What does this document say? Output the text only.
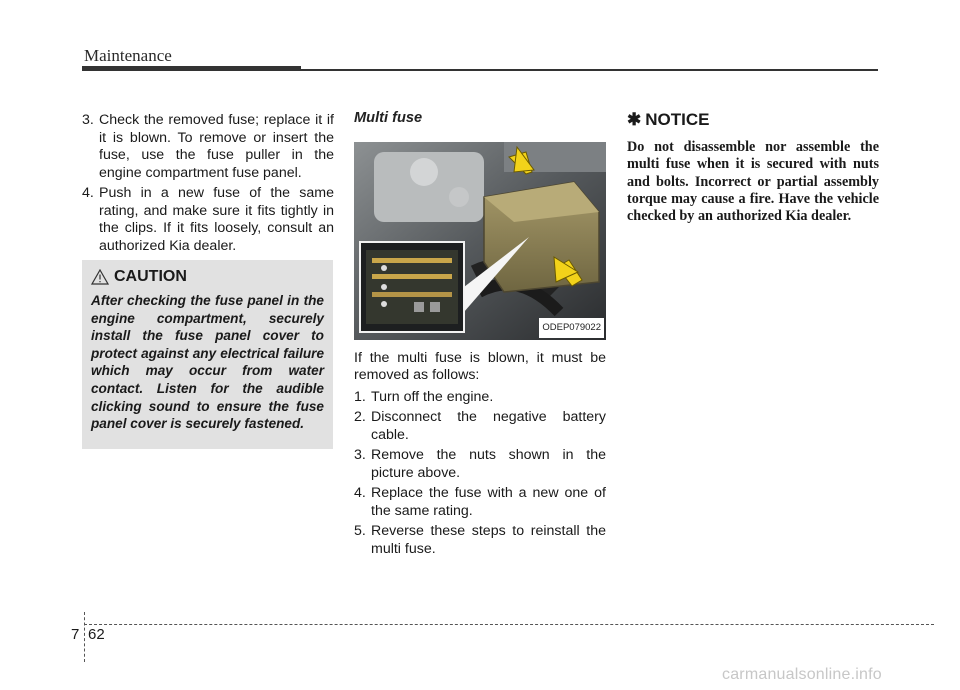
Maintenance
3. Check the removed fuse; replace it if it is blown. To remove or insert the fuse, use the fuse puller in the engine compartment fuse panel.
4. Push in a new fuse of the same rating, and make sure it fits tightly in the clips. If it fits loosely, consult an authorized Kia dealer.
CAUTION
After checking the fuse panel in the engine compartment, securely install the fuse panel cover to protect against any electrical failure which may occur from water contact. Listen for the audible clicking sound to ensure the fuse panel cover is securely fastened.
Multi fuse
ODEP079022

If the multi fuse is blown, it must be removed as follows:

1. Turn off the engine.
2. Disconnect the negative battery cable.
3. Remove the nuts shown in the picture above.
4. Replace the fuse with a new one of the same rating.
5. Reverse these steps to reinstall the multi fuse.
✱ NOTICE
Do not disassemble nor assemble the multi fuse when it is secured with nuts and bolts. Incorrect or partial assembly torque may cause a fire. Have the vehicle checked by an authorized Kia dealer.
7 62
carmanualsonline.info
